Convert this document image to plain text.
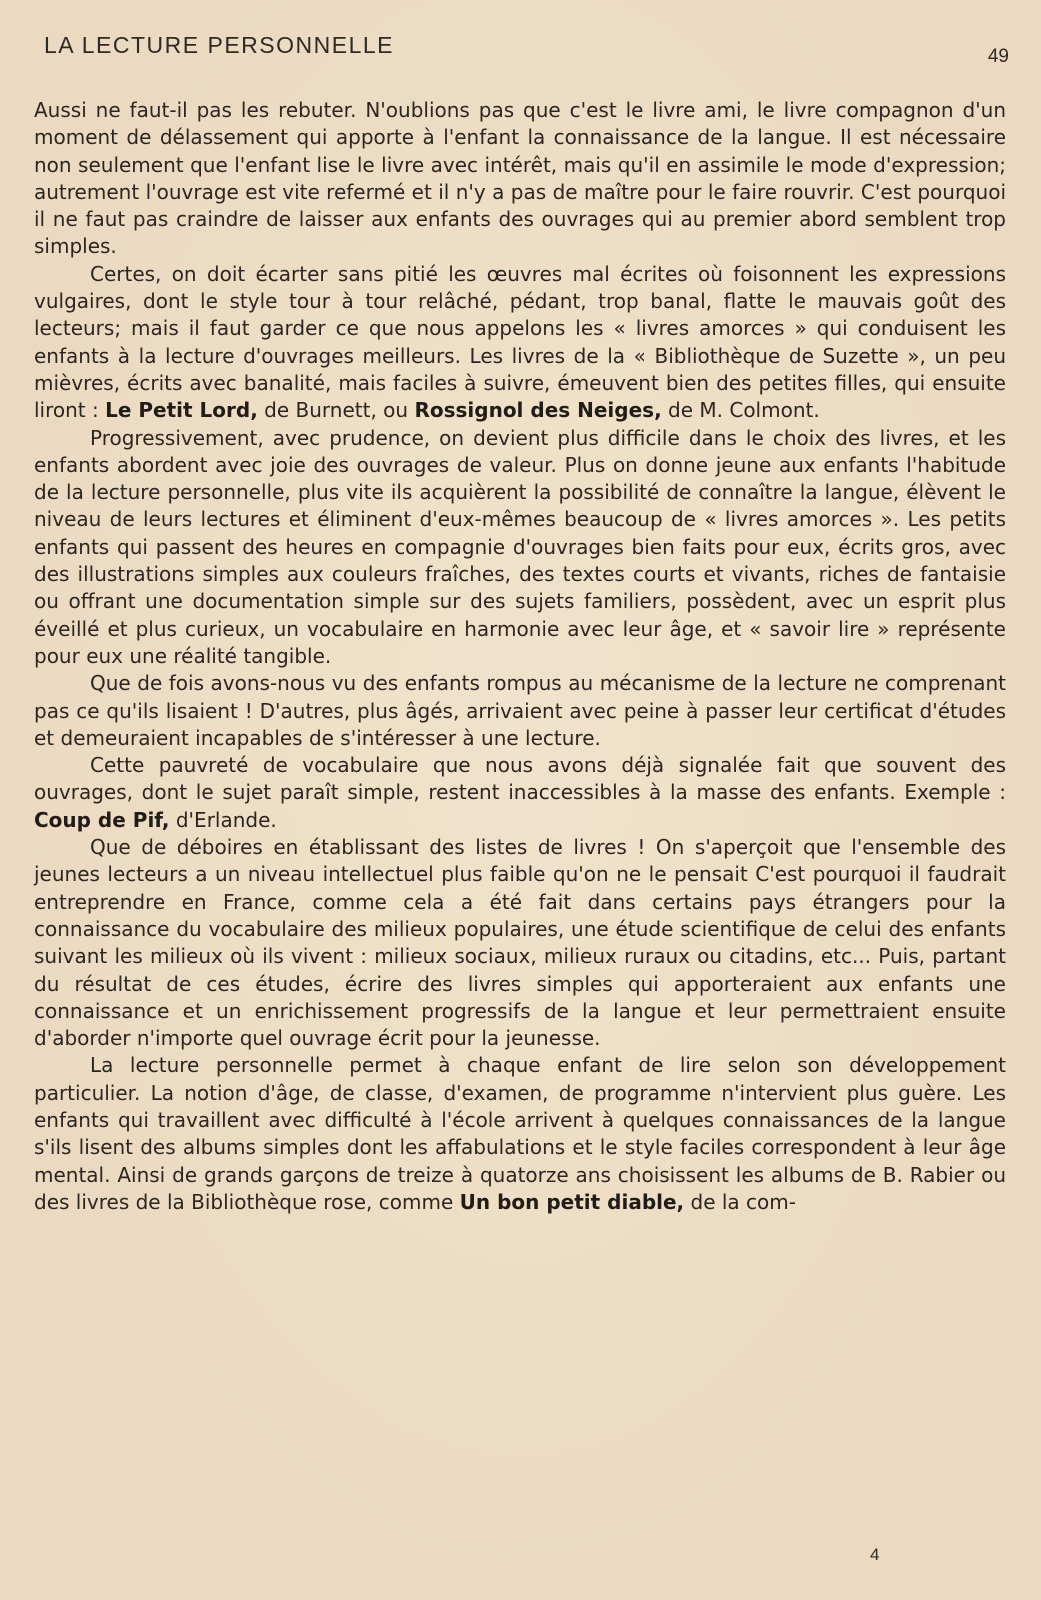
LA LECTURE PERSONNELLE	49

Aussi ne faut-il pas les rebuter. N'oublions pas que c'est le livre ami, le livre compagnon d'un moment de délassement qui apporte à l'enfant la connaissance de la langue. Il est nécessaire non seulement que l'enfant lise le livre avec intérêt, mais qu'il en assimile le mode d'expression; autrement l'ouvrage est vite refermé et il n'y a pas de maître pour le faire rouvrir. C'est pourquoi il ne faut pas craindre de laisser aux enfants des ouvrages qui au premier abord semblent trop simples.

Certes, on doit écarter sans pitié les œuvres mal écrites où foisonnent les expressions vulgaires, dont le style tour à tour relâché, pédant, trop banal, flatte le mauvais goût des lecteurs; mais il faut garder ce que nous appelons les « livres amorces » qui conduisent les enfants à la lecture d'ouvrages meilleurs. Les livres de la « Bibliothèque de Suzette », un peu mièvres, écrits avec banalité, mais faciles à suivre, émeuvent bien des petites filles, qui ensuite liront : Le Petit Lord, de Burnett, ou Rossignol des Neiges, de M. Colmont.

Progressivement, avec prudence, on devient plus difficile dans le choix des livres, et les enfants abordent avec joie des ouvrages de valeur. Plus on donne jeune aux enfants l'habitude de la lecture personnelle, plus vite ils acquièrent la possibilité de connaître la langue, élèvent le niveau de leurs lectures et éliminent d'eux-mêmes beaucoup de « livres amorces ». Les petits enfants qui passent des heures en compagnie d'ouvrages bien faits pour eux, écrits gros, avec des illustrations simples aux couleurs fraîches, des textes courts et vivants, riches de fantaisie ou offrant une documentation simple sur des sujets familiers, possèdent, avec un esprit plus éveillé et plus curieux, un vocabulaire en harmonie avec leur âge, et « savoir lire » représente pour eux une réalité tangible.

Que de fois avons-nous vu des enfants rompus au mécanisme de la lecture ne comprenant pas ce qu'ils lisaient ! D'autres, plus âgés, arrivaient avec peine à passer leur certificat d'études et demeuraient incapables de s'intéresser à une lecture.

Cette pauvreté de vocabulaire que nous avons déjà signalée fait que souvent des ouvrages, dont le sujet paraît simple, restent inaccessibles à la masse des enfants. Exemple : Coup de Pif, d'Erlande.

Que de déboires en établissant des listes de livres ! On s'aperçoit que l'ensemble des jeunes lecteurs a un niveau intellectuel plus faible qu'on ne le pensait C'est pourquoi il faudrait entreprendre en France, comme cela a été fait dans certains pays étrangers pour la connaissance du vocabulaire des milieux populaires, une étude scientifique de celui des enfants suivant les milieux où ils vivent : milieux sociaux, milieux ruraux ou citadins, etc... Puis, partant du résultat de ces études, écrire des livres simples qui apporteraient aux enfants une connaissance et un enrichissement progressifs de la langue et leur permettraient ensuite d'aborder n'importe quel ouvrage écrit pour la jeunesse.

La lecture personnelle permet à chaque enfant de lire selon son développement particulier. La notion d'âge, de classe, d'examen, de programme n'intervient plus guère. Les enfants qui travaillent avec difficulté à l'école arrivent à quelques connaissances de la langue s'ils lisent des albums simples dont les affabulations et le style faciles correspondent à leur âge mental. Ainsi de grands garçons de treize à quatorze ans choisissent les albums de B. Rabier ou des livres de la Bibliothèque rose, comme Un bon petit diable, de la com-

4
